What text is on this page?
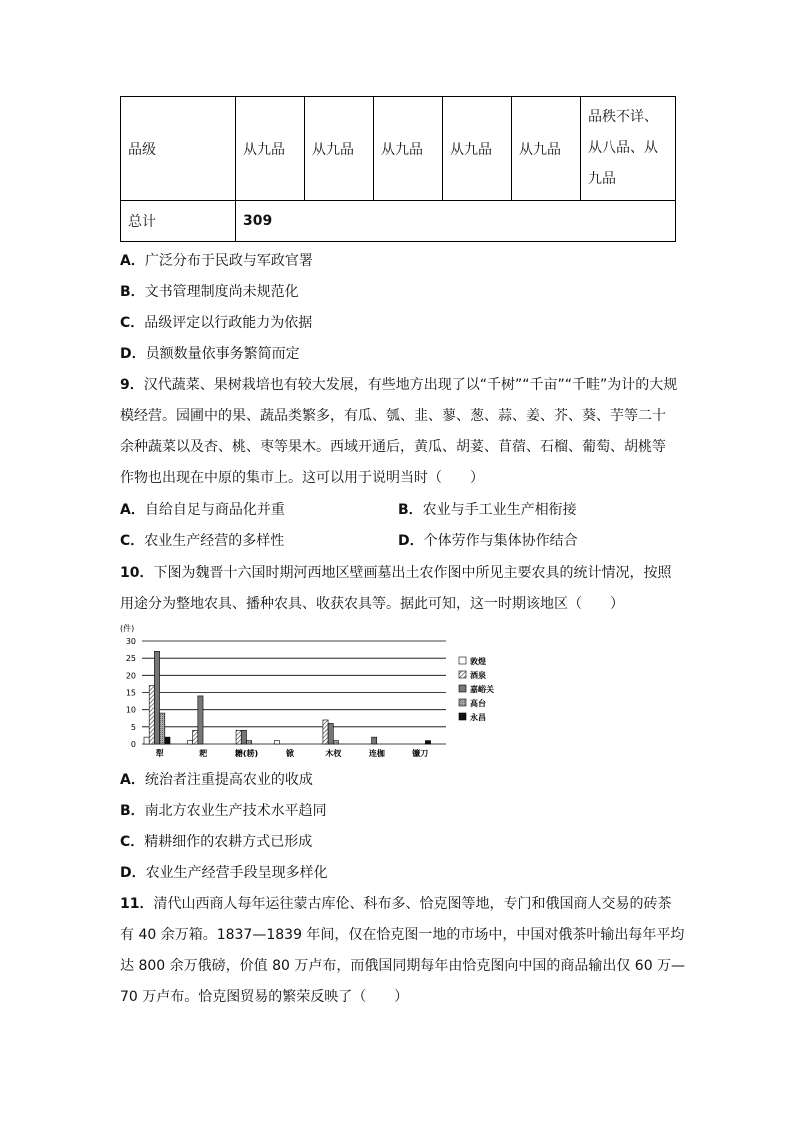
品级	从九品	从九品	从九品	从九品	从九品	品秩不详、
从八品、从
九品

总计	309					
A．广泛分布于民政与军政官署
B．文书管理制度尚未规范化
C．品级评定以行政能力为依据
D．员额数量依事务繁简而定
9．汉代蔬菜、果树栽培也有较大发展，有些地方出现了以“千树”“千亩”“千畦”为计的大规
模经营。园圃中的果、蔬品类繁多，有瓜、瓠、韭、蓼、葱、蒜、姜、芥、葵、芋等二十
余种蔬菜以及杏、桃、枣等果木。西域开通后，黄瓜、胡荽、苜蓿、石榴、葡萄、胡桃等
作物也出现在中原的集市上。这可以用于说明当时（　　）
A．自给自足与商品化并重	B．农业与手工业生产相衔接
C．农业生产经营的多样性	D．个体劳作与集体协作结合
10．下图为魏晋十六国时期河西地区壁画墓出土农作图中所见主要农具的统计情况，按照
用途分为整地农具、播种农具、收获农具等。据此可知，这一时期该地区（　　）
(件)
0
5
10
15
20
25
30
犁	耙	耱(耢)	锨	木杈	连枷	镰刀
敦煌
酒泉
嘉峪关
高台
永昌
A．统治者注重提高农业的收成
B．南北方农业生产技术水平趋同
C．精耕细作的农耕方式已形成
D．农业生产经营手段呈现多样化
11．清代山西商人每年运往蒙古库伦、科布多、恰克图等地，专门和俄国商人交易的砖茶
有 40 余万箱。1837—1839 年间，仅在恰克图一地的市场中，中国对俄茶叶输出每年平均
达 800 余万俄磅，价值 80 万卢布，而俄国同期每年由恰克图向中国的商品输出仅 60 万—
70 万卢布。恰克图贸易的繁荣反映了（　　）
